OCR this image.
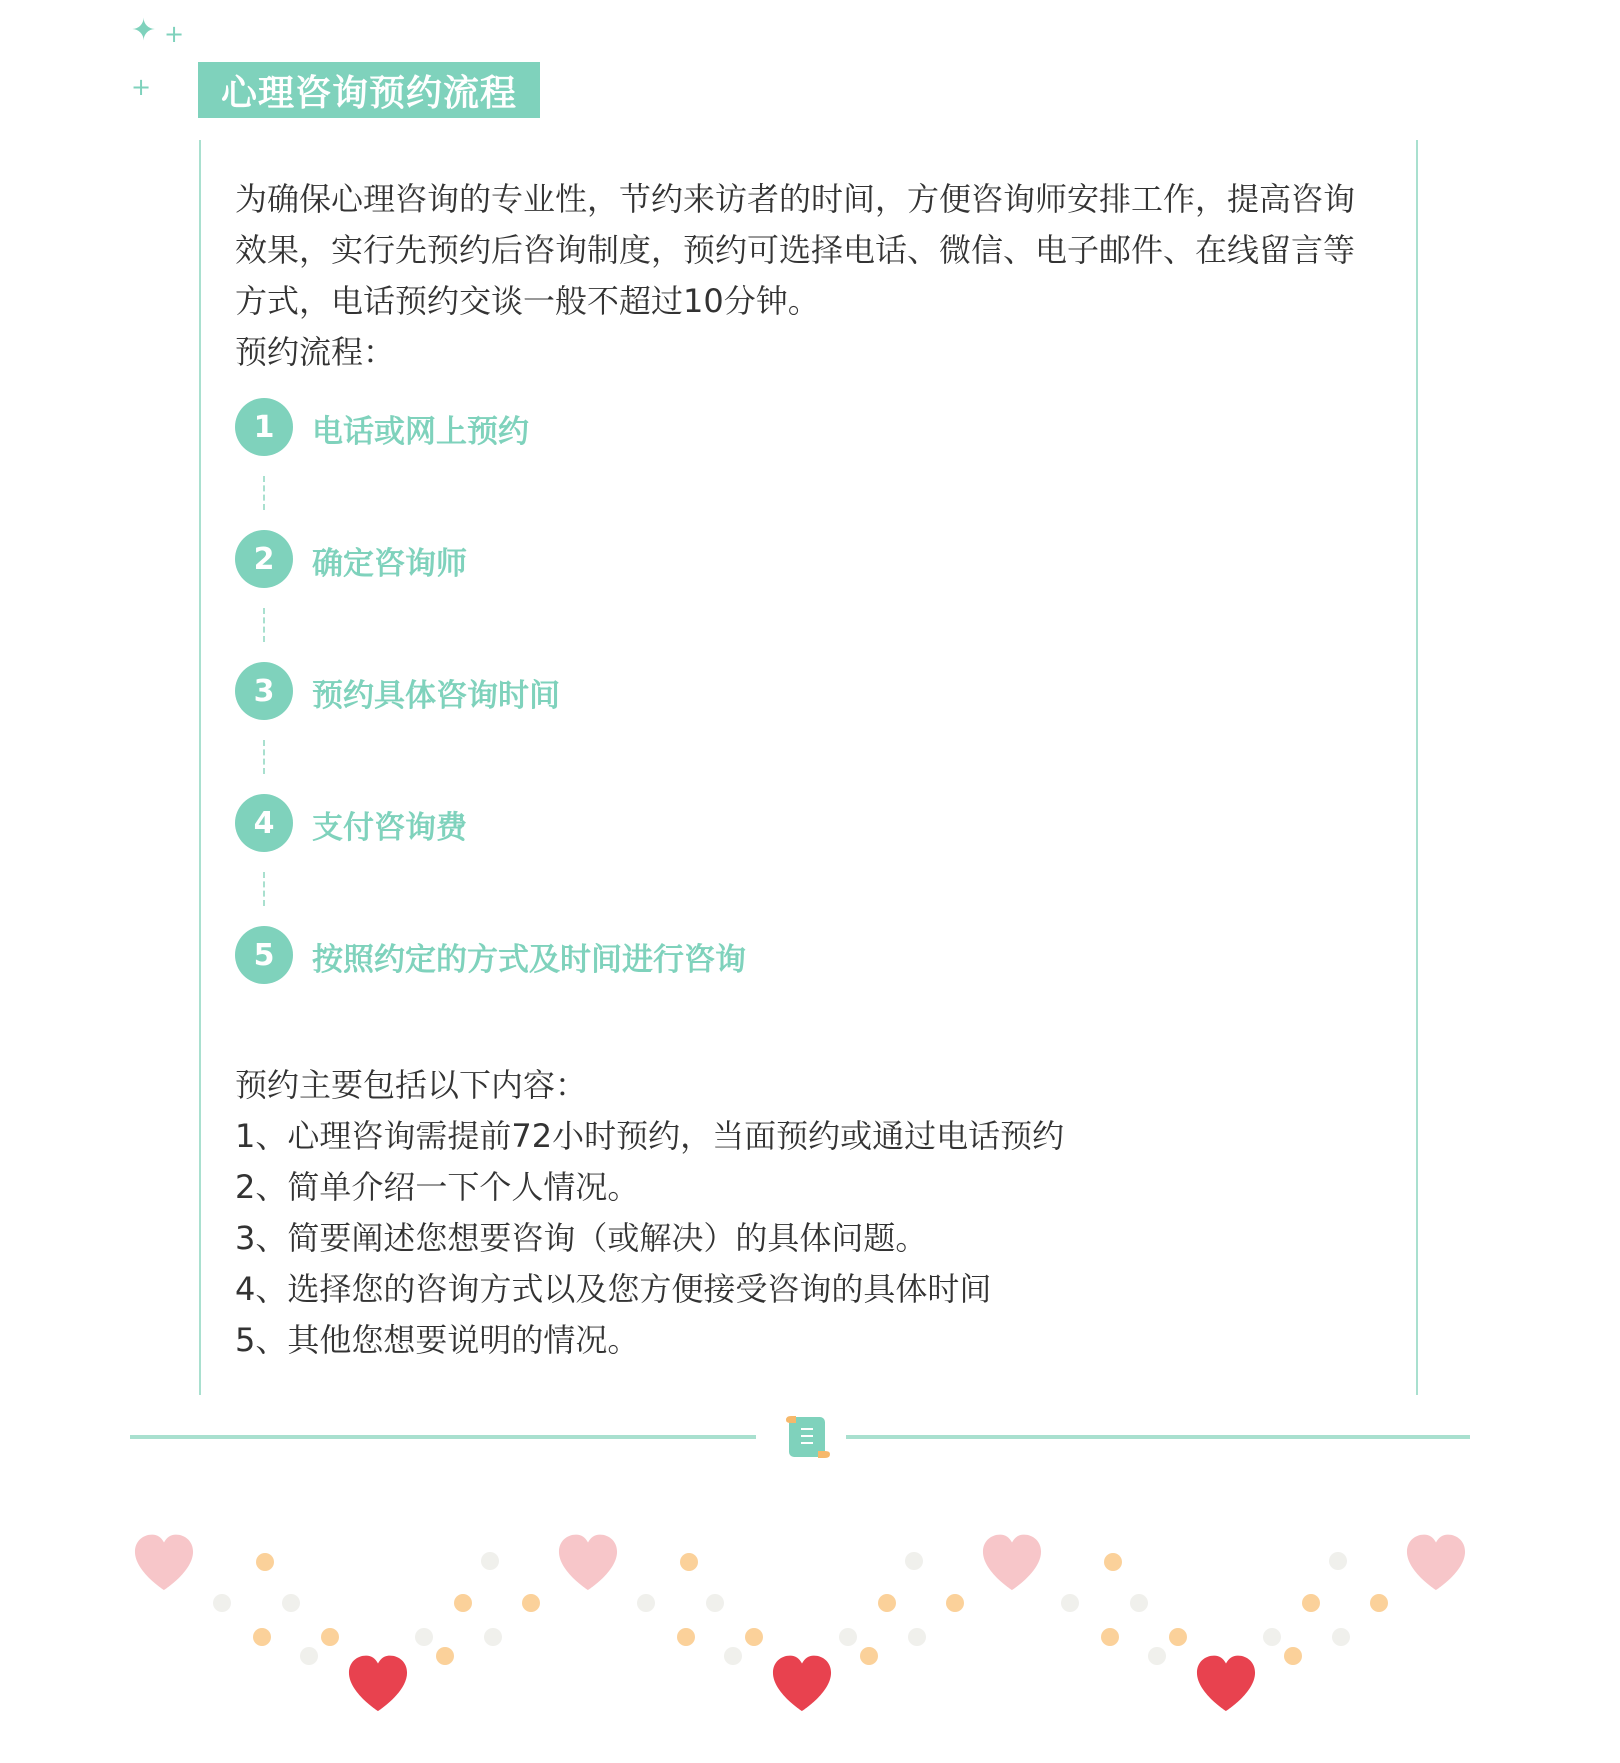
✦ +
+	心理咨询预约流程

为确保心理咨询的专业性，节约来访者的时间，方便咨询师安排工作，提高咨询效果，实行先预约后咨询制度，预约可选择电话、微信、电子邮件、在线留言等方式，电话预约交谈一般不超过10分钟。

预约流程：

1	电话或网上预约
2	确定咨询师
3	预约具体咨询时间
4	支付咨询费
5	按照约定的方式及时间进行咨询

预约主要包括以下内容：

1、心理咨询需提前72小时预约，当面预约或通过电话预约

2、简单介绍一下个人情况。

3、简要阐述您想要咨询（或解决）的具体问题。

4、选择您的咨询方式以及您方便接受咨询的具体时间

5、其他您想要说明的情况。
